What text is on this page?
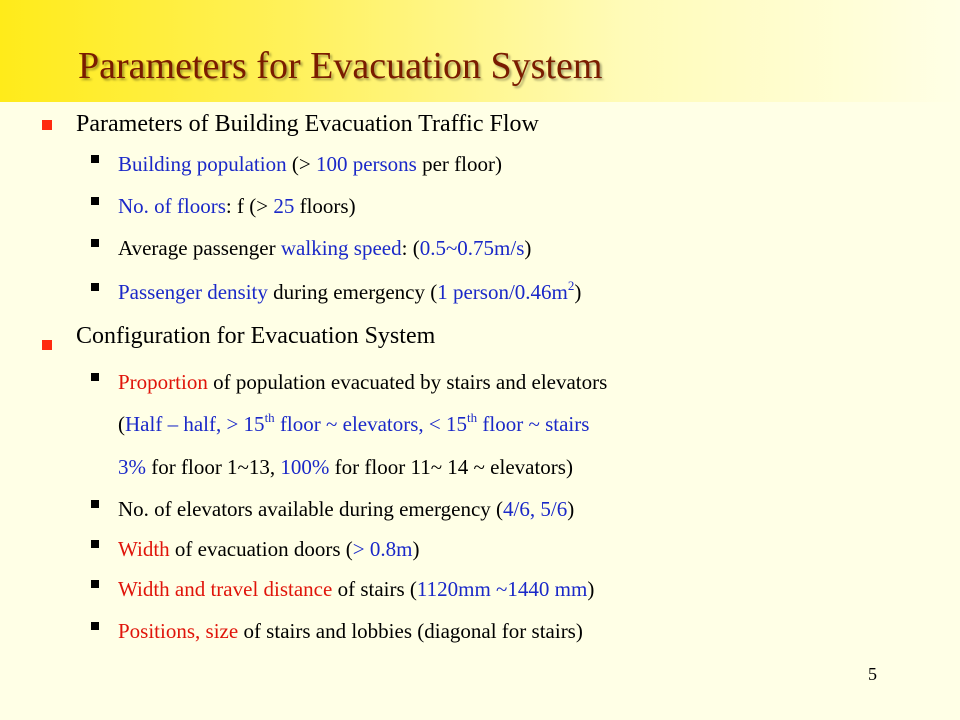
Parameters for Evacuation System
Parameters of Building Evacuation Traffic Flow
Building population (> 100 persons per floor)
No. of floors: f (> 25 floors)
Average passenger walking speed: (0.5~0.75m/s)
Passenger density during emergency (1 person/$0.46m^2$)
Configuration for Evacuation System
Proportion of population evacuated by stairs and elevators
(Half – half, > 15th floor ~ elevators, < 15th floor ~ stairs
3% for floor 1~13, 100% for floor 11~ 14 ~ elevators)
No. of elevators available during emergency (4/6, 5/6)
Width of evacuation doors (> 0.8m)
Width and travel distance of stairs (1120mm ~1440 mm)
Positions, size of stairs and lobbies (diagonal for stairs)
5
